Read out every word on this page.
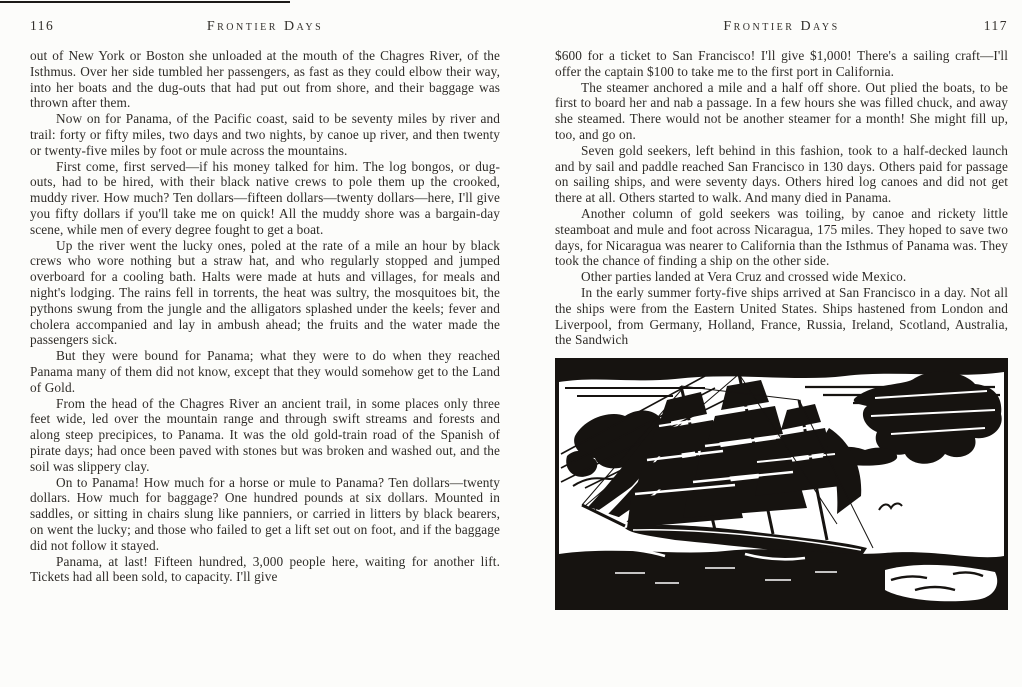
116	Frontier Days

out of New York or Boston she unloaded at the mouth of the Chagres River, of the Isthmus. Over her side tumbled her passengers, as fast as they could elbow their way, into her boats and the dug-outs that had put out from shore, and their baggage was thrown after them.

Now on for Panama, of the Pacific coast, said to be seventy miles by river and trail: forty or fifty miles, two days and two nights, by canoe up river, and then twenty or twenty-five miles by foot or mule across the mountains.

First come, first served—if his money talked for him. The log bongos, or dug-outs, had to be hired, with their black native crews to pole them up the crooked, muddy river. How much? Ten dollars—fifteen dollars—twenty dollars—here, I'll give you fifty dollars if you'll take me on quick! All the muddy shore was a bargain-day scene, while men of every degree fought to get a boat.

Up the river went the lucky ones, poled at the rate of a mile an hour by black crews who wore nothing but a straw hat, and who regularly stopped and jumped overboard for a cooling bath. Halts were made at huts and villages, for meals and night's lodging. The rains fell in torrents, the heat was sultry, the mosquitoes bit, the pythons swung from the jungle and the alligators splashed under the keels; fever and cholera accompanied and lay in ambush ahead; the fruits and the water made the passengers sick.

But they were bound for Panama; what they were to do when they reached Panama many of them did not know, except that they would somehow get to the Land of Gold.

From the head of the Chagres River an ancient trail, in some places only three feet wide, led over the mountain range and through swift streams and forests and along steep precipices, to Panama. It was the old gold-train road of the Spanish of pirate days; had once been paved with stones but was broken and washed out, and the soil was slippery clay.

On to Panama! How much for a horse or mule to Panama? Ten dollars—twenty dollars. How much for baggage? One hundred pounds at six dollars. Mounted in saddles, or sitting in chairs slung like panniers, or carried in litters by black bearers, on went the lucky; and those who failed to get a lift set out on foot, and if the baggage did not follow it stayed.

Panama, at last! Fifteen hundred, 3,000 people here, waiting for another lift. Tickets had all been sold, to capacity. I'll give

Frontier Days	117

$600 for a ticket to San Francisco! I'll give $1,000! There's a sailing craft—I'll offer the captain $100 to take me to the first port in California.

The steamer anchored a mile and a half off shore. Out plied the boats, to be first to board her and nab a passage. In a few hours she was filled chuck, and away she steamed. There would not be another steamer for a month! She might fill up, too, and go on.

Seven gold seekers, left behind in this fashion, took to a half-decked launch and by sail and paddle reached San Francisco in 130 days. Others paid for passage on sailing ships, and were seventy days. Others hired log canoes and did not get there at all. Others started to walk. And many died in Panama.

Another column of gold seekers was toiling, by canoe and rickety little steamboat and mule and foot across Nicaragua, 175 miles. They hoped to save two days, for Nicaragua was nearer to California than the Isthmus of Panama was. They took the chance of finding a ship on the other side.

Other parties landed at Vera Cruz and crossed wide Mexico.

In the early summer forty-five ships arrived at San Francisco in a day. Not all the ships were from the Eastern United States. Ships hastened from London and Liverpool, from Germany, Holland, France, Russia, Ireland, Scotland, Australia, the Sandwich
